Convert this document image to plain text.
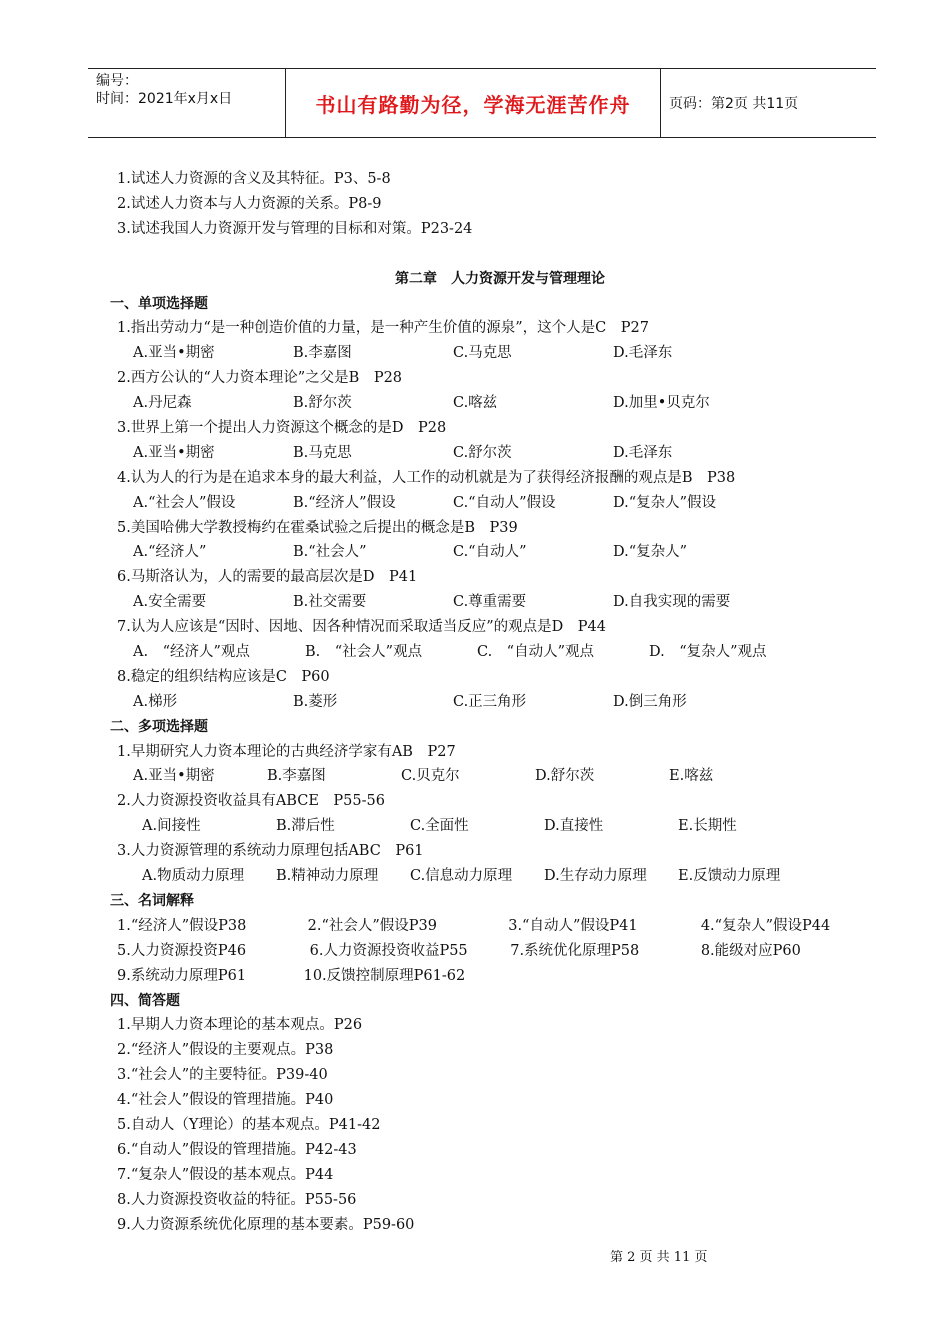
编号：
时间：2021年x月x日	书山有路勤为径，学海无涯苦作舟	页码：第2页 共11页
1.试述人力资源的含义及其特征。P3、5-8
2.试述人力资本与人力资源的关系。P8-9
3.试述我国人力资源开发与管理的目标和对策。P23-24
第二章　人力资源开发与管理理论
一、单项选择题
1.指出劳动力“是一种创造价值的力量，是一种产生价值的源泉”，这个人是C　P27
A.亚当•期密	B.李嘉图	C.马克思	D.毛泽东
2.西方公认的“人力资本理论”之父是B　P28
A.丹尼森	B.舒尔茨	C.喀兹	D.加里•贝克尔
3.世界上第一个提出人力资源这个概念的是D　P28
A.亚当•期密	B.马克思	C.舒尔茨	D.毛泽东
4.认为人的行为是在追求本身的最大利益，人工作的动机就是为了获得经济报酬的观点是B　P38
A.“社会人”假设	B.“经济人”假设	C.“自动人”假设	D.“复杂人”假设
5.美国哈佛大学教授梅约在霍桑试验之后提出的概念是B　P39
A.“经济人”	B.“社会人”	C.“自动人”	D.“复杂人”
6.马斯洛认为，人的需要的最高层次是D　P41
A.安全需要	B.社交需要	C.尊重需要	D.自我实现的需要
7.认为人应该是“因时、因地、因各种情况而采取适当反应”的观点是D　P44
A.　“经济人”观点	B.　“社会人”观点	C.　“自动人”观点	D.　“复杂人”观点
8.稳定的组织结构应该是C　P60
A.梯形	B.菱形	C.正三角形	D.倒三角形
二、多项选择题
1.早期研究人力资本理论的古典经济学家有AB　P27
A.亚当•期密	B.李嘉图	C.贝克尔	D.舒尔茨	E.喀兹
2.人力资源投资收益具有ABCE　P55-56
A.间接性	B.滞后性	C.全面性	D.直接性	E.长期性
3.人力资源管理的系统动力原理包括ABC　P61
A.物质动力原理	B.精神动力原理	C.信息动力原理	D.生存动力原理	E.反馈动力原理
三、名词解释
1.“经济人”假设P38	2.“社会人”假设P39	3.“自动人”假设P41	4.“复杂人”假设P44
5.人力资源投资P46	6.人力资源投资收益P55	7.系统优化原理P58	8.能级对应P60
9.系统动力原理P61	10.反馈控制原理P61-62
四、简答题
1.早期人力资本理论的基本观点。P26
2.“经济人”假设的主要观点。P38
3.“社会人”的主要特征。P39-40
4.“社会人”假设的管理措施。P40
5.自动人（Y理论）的基本观点。P41-42
6.“自动人”假设的管理措施。P42-43
7.“复杂人”假设的基本观点。P44
8.人力资源投资收益的特征。P55-56
9.人力资源系统优化原理的基本要素。P59-60
第 2 页 共 11 页
